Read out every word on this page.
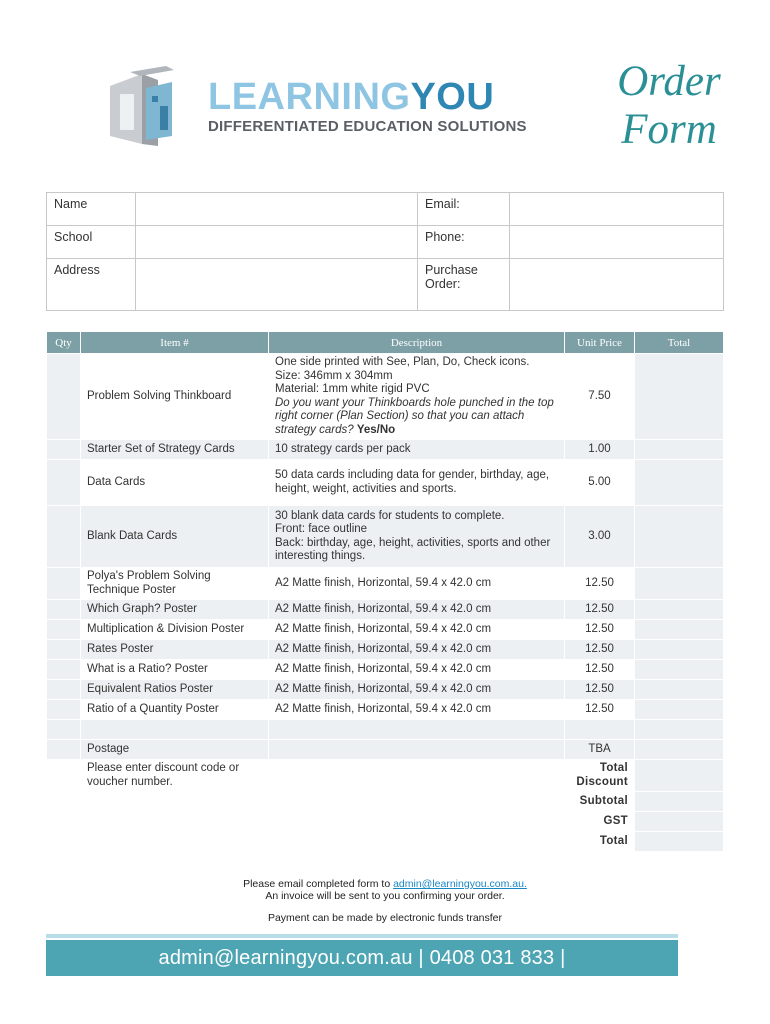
LEARNINGYOU
DIFFERENTIATED EDUCATION SOLUTIONS
Order
Form
Name		Email:	
School		Phone:	
Address		Purchase Order:	
Qty	Item #	Description	Unit Price	Total
	Problem Solving Thinkboard	One side printed with See, Plan, Do, Check icons.
Size: 346mm x 304mm
Material: 1mm white rigid PVC
Do you want your Thinkboards hole punched in the top right corner (Plan Section) so that you can attach strategy cards? Yes/No	7.50	
	Starter Set of Strategy Cards	10 strategy cards per pack	1.00	
	Data Cards	50 data cards including data for gender, birthday, age, height, weight, activities and sports.	5.00	
	Blank Data Cards	30 blank data cards for students to complete.
Front: face outline
Back: birthday, age, height, activities, sports and other interesting things.	3.00	
	Polya's Problem Solving Technique Poster	A2 Matte finish, Horizontal, 59.4 x 42.0 cm	12.50	
	Which Graph? Poster	A2 Matte finish, Horizontal, 59.4 x 42.0 cm	12.50	
	Multiplication & Division Poster	A2 Matte finish, Horizontal, 59.4 x 42.0 cm	12.50	
	Rates Poster	A2 Matte finish, Horizontal, 59.4 x 42.0 cm	12.50	
	What is a Ratio? Poster	A2 Matte finish, Horizontal, 59.4 x 42.0 cm	12.50	
	Equivalent Ratios Poster	A2 Matte finish, Horizontal, 59.4 x 42.0 cm	12.50	
	Ratio of a Quantity Poster	A2 Matte finish, Horizontal, 59.4 x 42.0 cm	12.50	

	Postage		TBA	
	Please enter discount code or voucher number.		Total Discount	
			Subtotal	
			GST	
			Total	
Please email completed form to admin@learningyou.com.au.
An invoice will be sent to you confirming your order.
Payment can be made by electronic funds transfer
admin@learningyou.com.au | 0408 031 833 | www.learningyou.com.au
